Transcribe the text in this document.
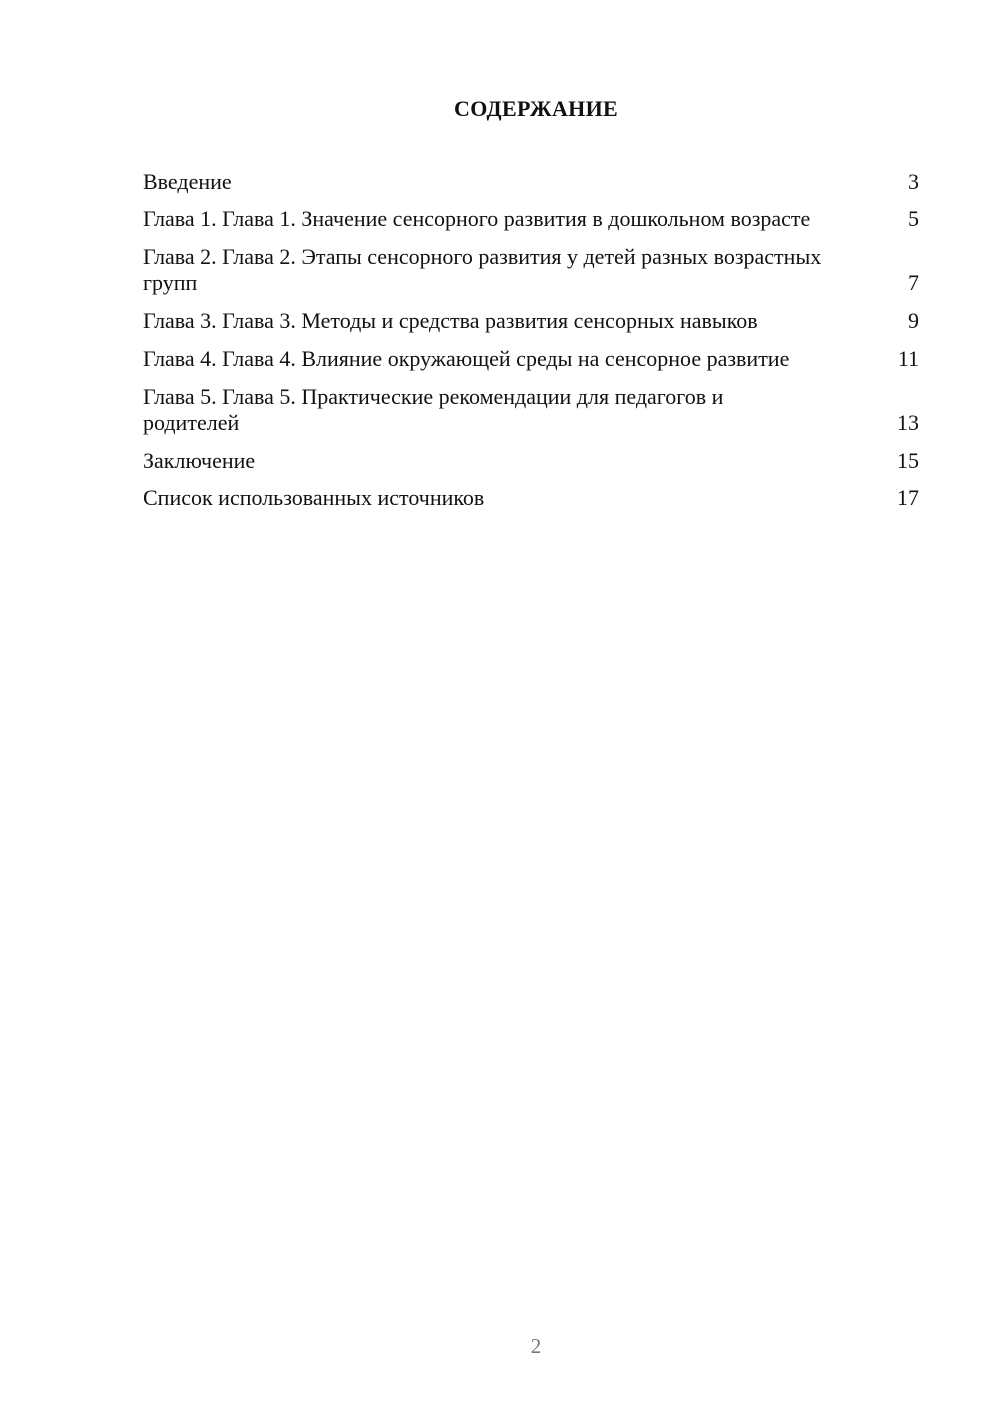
СОДЕРЖАНИЕ
Введение	3
Глава 1. Глава 1. Значение сенсорного развития в дошкольном возрасте	5
Глава 2. Глава 2. Этапы сенсорного развития у детей разных возрастных групп	7
Глава 3. Глава 3. Методы и средства развития сенсорных навыков	9
Глава 4. Глава 4. Влияние окружающей среды на сенсорное развитие	11
Глава 5. Глава 5. Практические рекомендации для педагогов и родителей	13
Заключение	15
Список использованных источников	17
2
